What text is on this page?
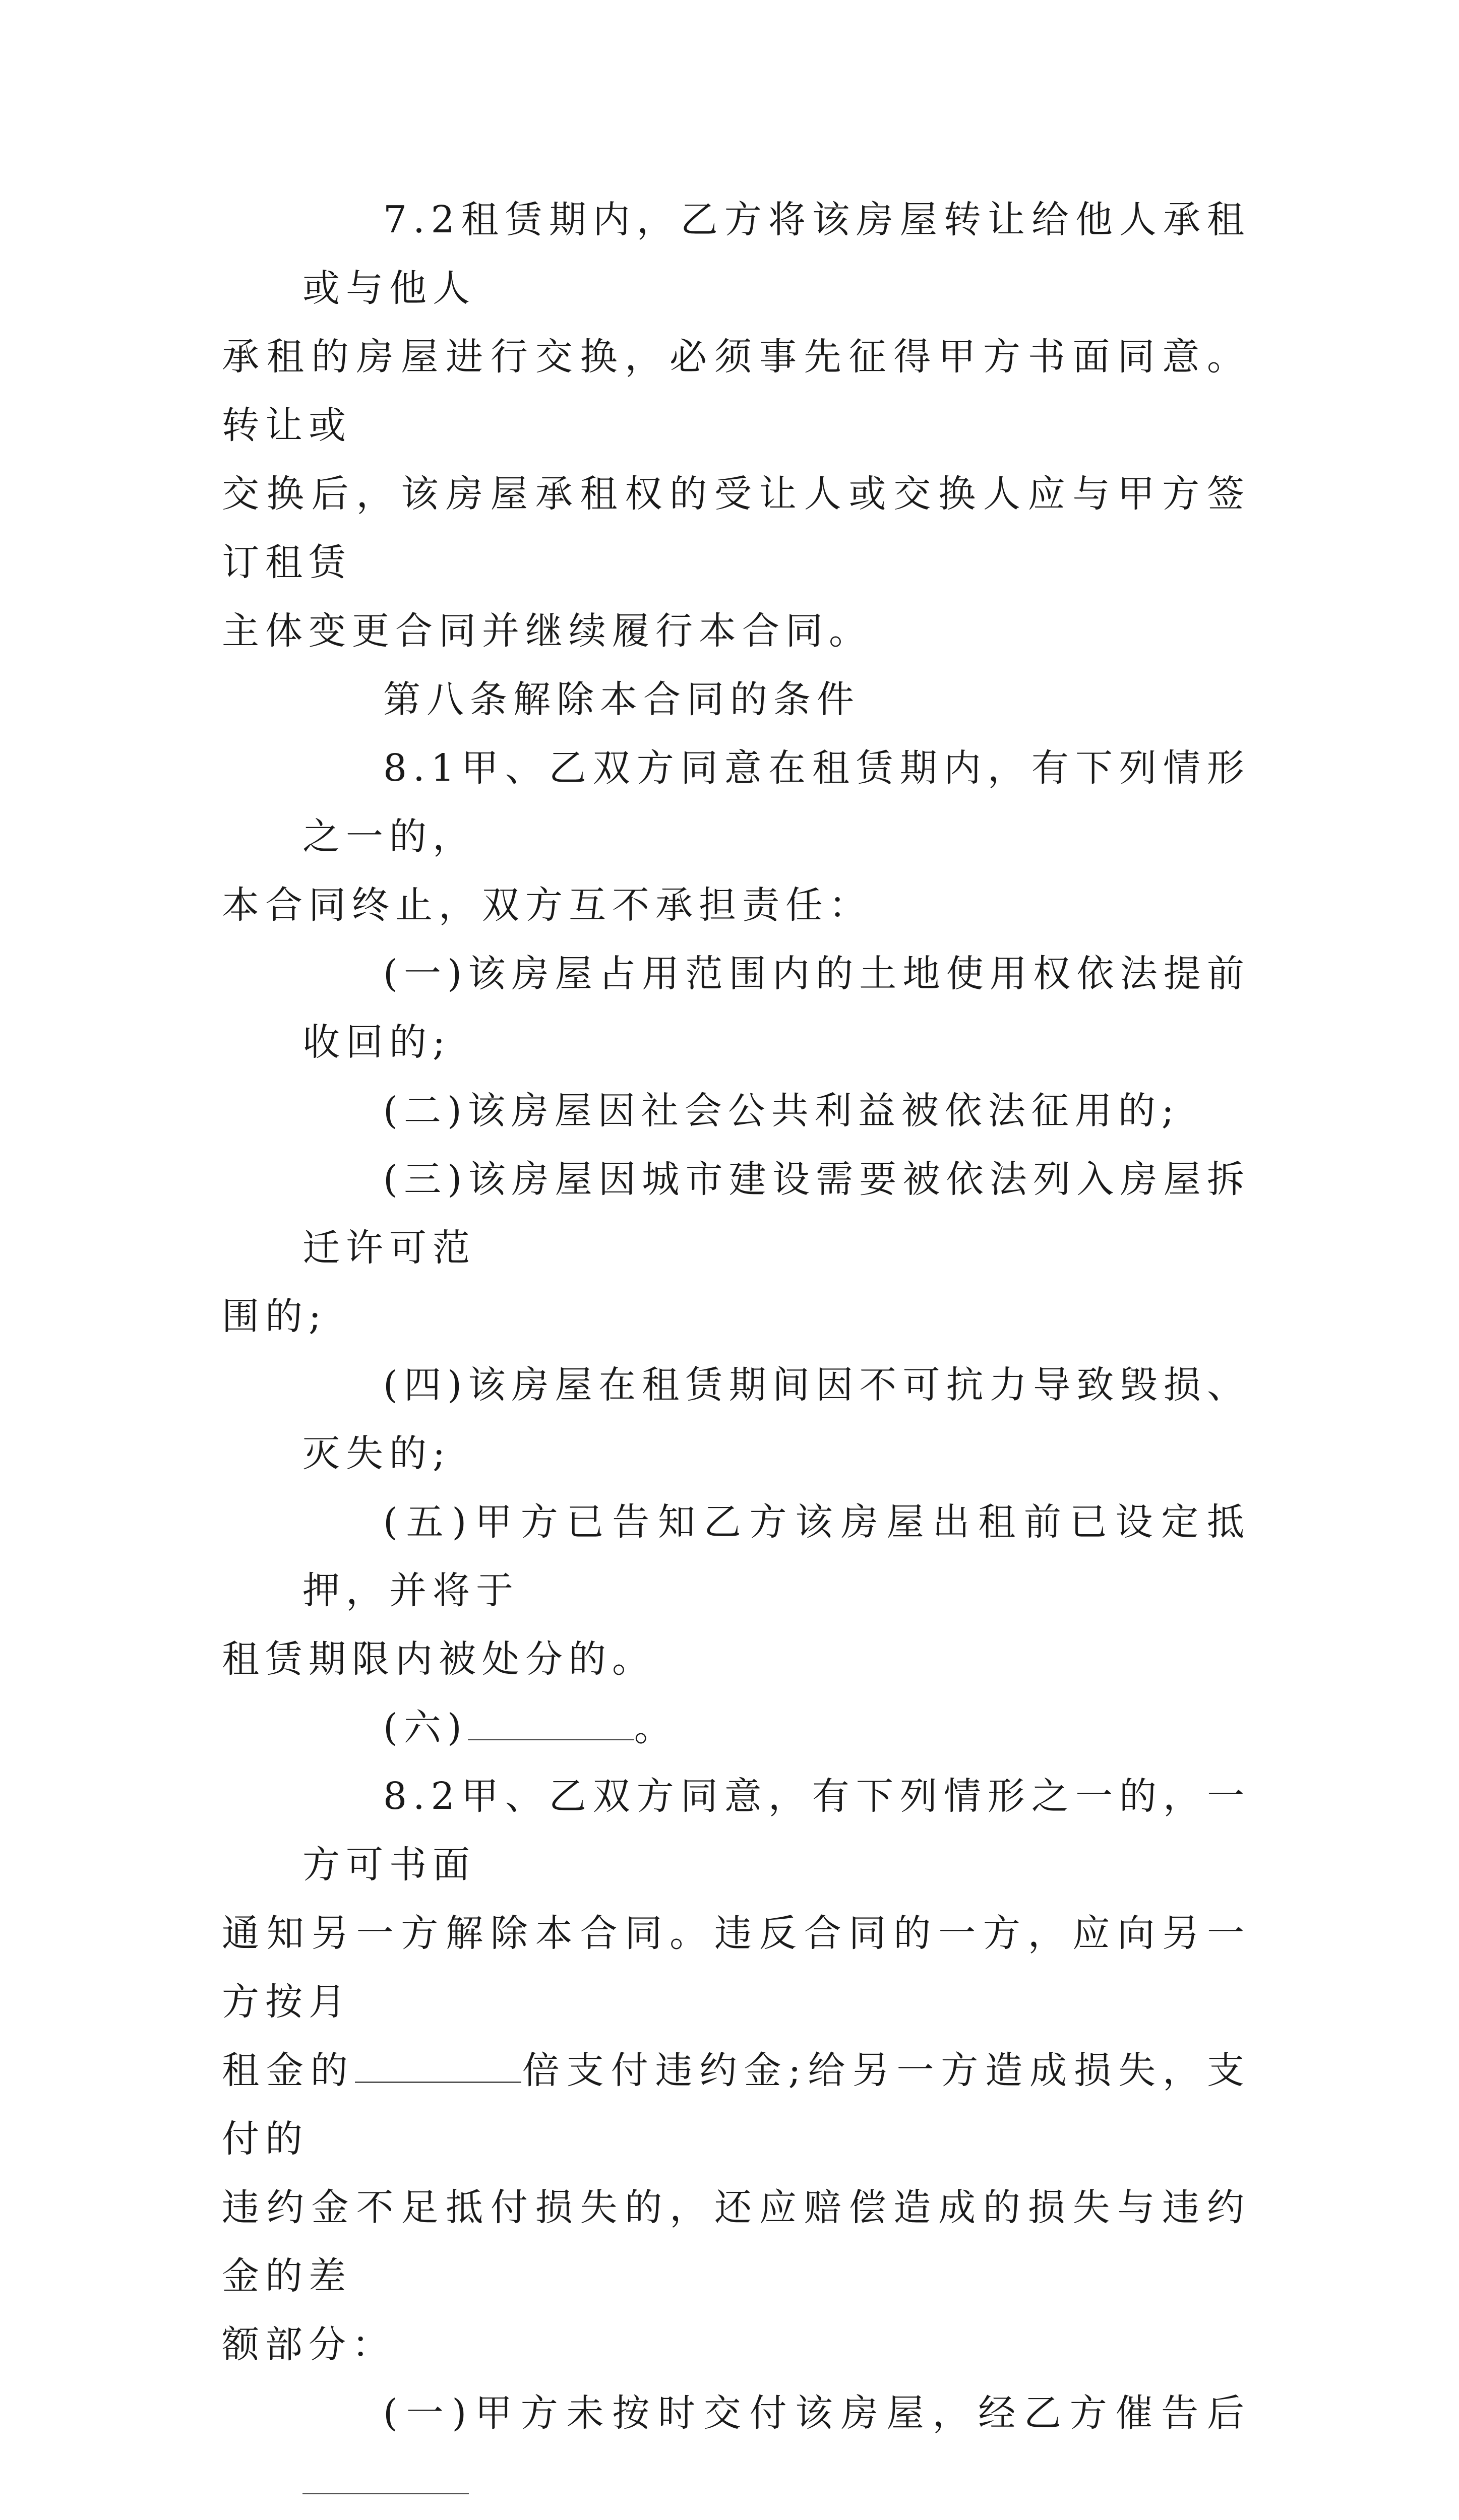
7.2租赁期内，乙方将该房屋转让给他人承租或与他人
承租的房屋进行交换，必须事先征得甲方书面同意。转让或
交换后，该房屋承租权的受让人或交换人应与甲方签订租赁
主体变更合同并继续履行本合同。
第八条解除本合同的条件
8.1甲、乙双方同意在租赁期内，有下列情形之一的，
本合同终止，双方互不承担责任：
(一)该房屋占用范围内的土地使用权依法提前收回的;
(二)该房屋因社会公共利益被依法征用的;
(三)该房屋因城市建设需要被依法列入房屋拆迁许可范
围的;
(四)该房屋在租赁期间因不可抗力导致毁损、灭失的;
(五)甲方已告知乙方该房屋出租前已设定抵押，并将于
租赁期限内被处分的。
(六)	。
8.2甲、乙双方同意，有下列情形之一的，一方可书面
通知另一方解除本合同。违反合同的一方，应向另一方按月
租金的	倍支付违约金;给另一方造成损失，支付的
违约金不足抵付损失的，还应赔偿造成的损失与违约金的差
额部分：
(一)甲方未按时交付该房屋，经乙方催告后
